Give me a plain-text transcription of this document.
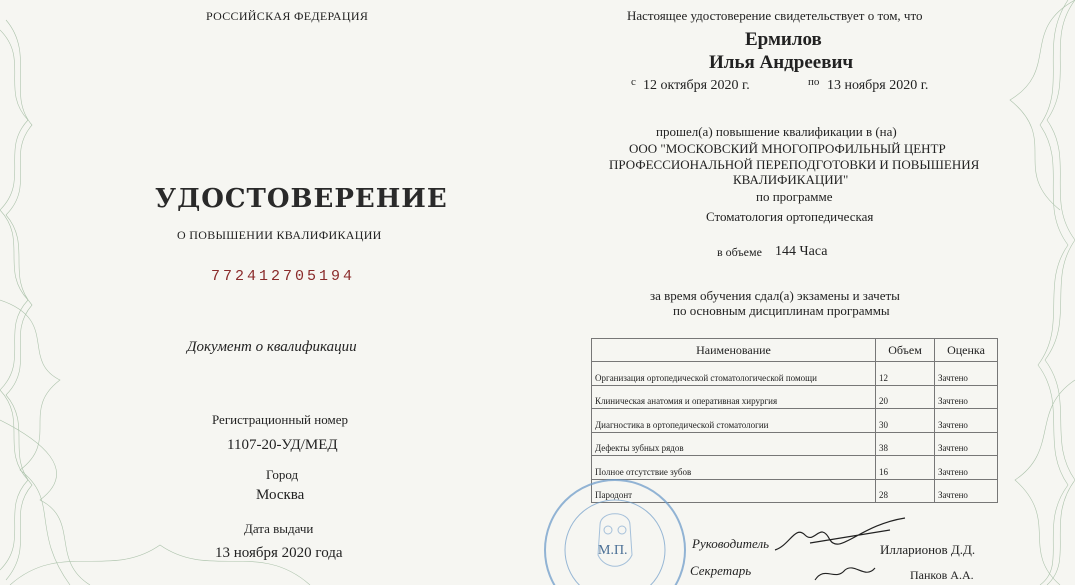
РОССИЙСКАЯ ФЕДЕРАЦИЯ
УДОСТОВЕРЕНИЕ
О ПОВЫШЕНИИ КВАЛИФИКАЦИИ
772412705194
Документ о квалификации
Регистрационный номер
1107-20-УД/МЕД
Город
Москва
Дата выдачи
13 ноября 2020 года
Настоящее удостоверение свидетельствует о том, что
Ермилов
Илья Андреевич
с 12 октября 2020 г.	по 13 ноября 2020 г.
прошел(а) повышение квалификации в (на)
ООО "МОСКОВСКИЙ МНОГОПРОФИЛЬНЫЙ ЦЕНТР
ПРОФЕССИОНАЛЬНОЙ ПЕРЕПОДГОТОВКИ И ПОВЫШЕНИЯ
КВАЛИФИКАЦИИ"
по программе
Стоматология ортопедическая
в объеме 144 Часа
за время обучения сдал(а) экзамены и зачеты
по основным дисциплинам программы
Наименование	Объем	Оценка
Организация ортопедической стоматологической помощи	12	Зачтено
Клиническая анатомия и оперативная хирургия	20	Зачтено
Диагностика в ортопедической стоматологии	30	Зачтено
Дефекты зубных рядов	38	Зачтено
Полное отсутствие зубов	16	Зачтено
Пародонт	28	Зачтено
М.П.	Руководитель	Илларионов Д.Д.
Секретарь	Панков А.А.
